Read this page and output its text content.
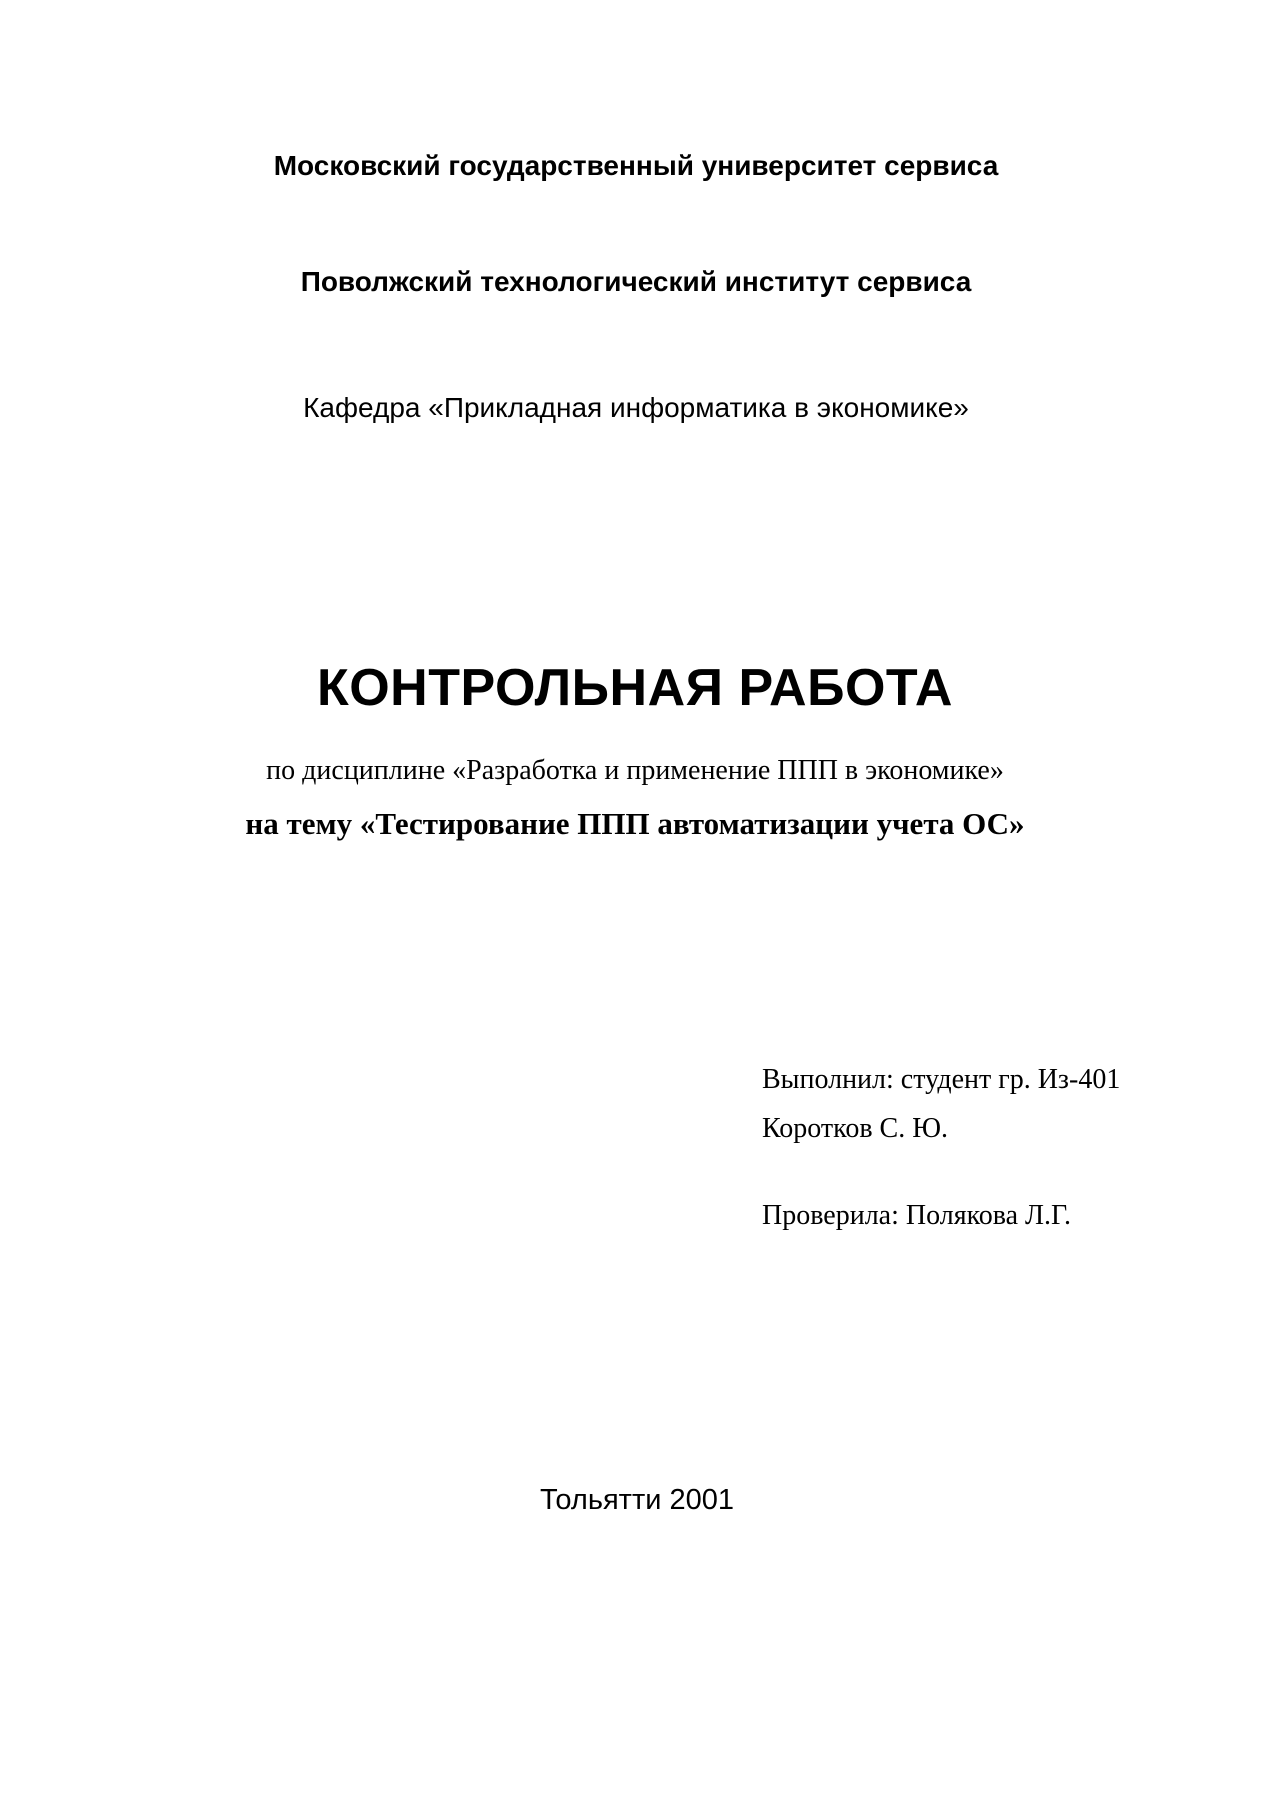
Московский государственный университет сервиса

Поволжский технологический институт сервиса

Кафедра «Прикладная информатика в экономике»

КОНТРОЛЬНАЯ РАБОТА

по дисциплине «Разработка и применение ППП в экономике»

на тему «Тестирование ППП автоматизации учета ОС»

Выполнил: студент гр. Из-401
Коротков С. Ю.
Проверила: Полякова Л.Г.

Тольятти 2001
